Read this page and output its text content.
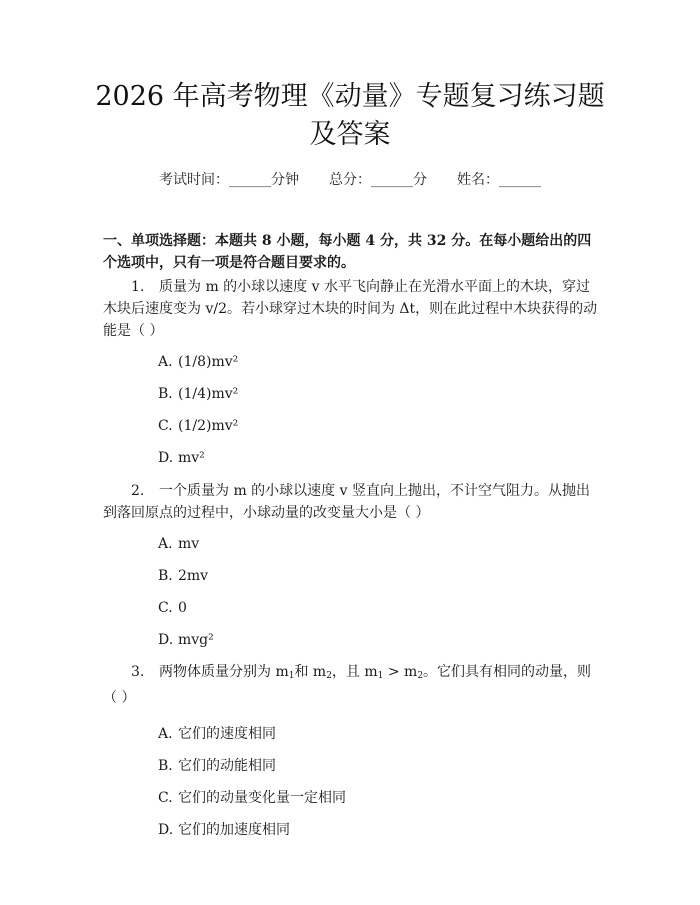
2026 年高考物理《动量》专题复习练习题及答案
考试时间：______分钟 总分：______分 姓名：______

一、单项选择题：本题共 8 小题，每小题 4 分，共 32 分。在每小题给出的四个选项中，只有一项是符合题目要求的。

1. 质量为 m 的小球以速度 v 水平飞向静止在光滑水平面上的木块，穿过木块后速度变为 v/2。若小球穿过木块的时间为 Δt，则在此过程中木块获得的动能是（ ）

A. (1/8)mv²
B. (1/4)mv²
C. (1/2)mv²
D. mv²

2. 一个质量为 m 的小球以速度 v 竖直向上抛出，不计空气阻力。从抛出到落回原点的过程中，小球动量的改变量大小是（ ）

A. mv
B. 2mv
C. 0
D. mvg²

3. 两物体质量分别为 $m_1$和 $m_2$，且 $m_1 > m_2$。它们具有相同的动量，则（ ）

A. 它们的速度相同
B. 它们的动能相同
C. 它们的动量变化量一定相同
D. 它们的加速度相同
